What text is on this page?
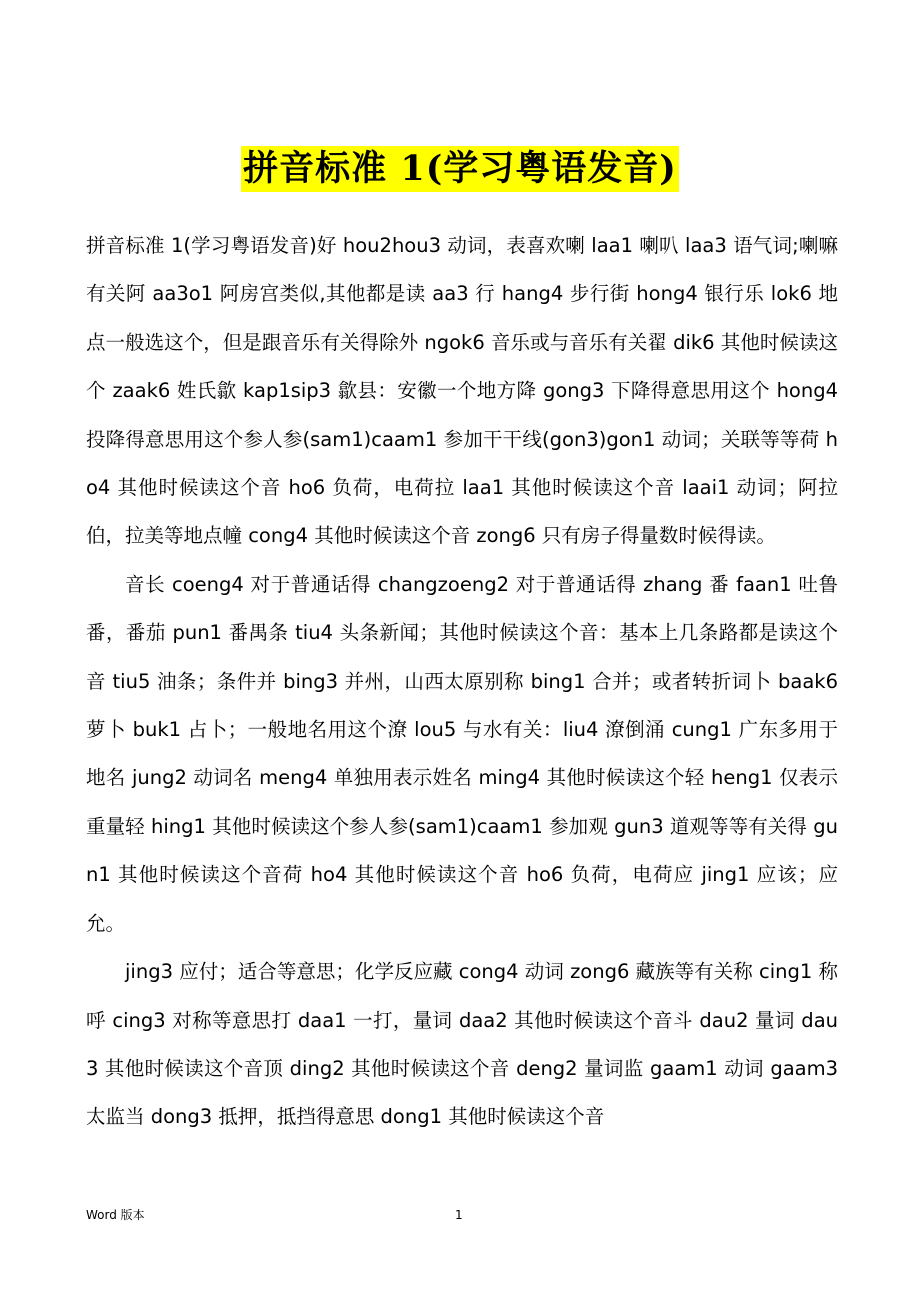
拼音标准 1(学习粤语发音)

拼音标准 1(学习粤语发音)好 hou2hou3 动词，表喜欢喇 laa1 喇叭 laa3 语气词;喇嘛有关阿 aa3o1 阿房宫类似,其他都是读 aa3 行 hang4 步行街 hong4 银行乐 lok6 地点一般选这个，但是跟音乐有关得除外 ngok6 音乐或与音乐有关翟 dik6 其他时候读这个 zaak6 姓氏歙 kap1sip3 歙县：安徽一个地方降 gong3 下降得意思用这个 hong4 投降得意思用这个参人参(sam1)caam1 参加干干线(gon3)gon1 动词；关联等等荷 ho4 其他时候读这个音 ho6 负荷，电荷拉 laa1 其他时候读这个音 laai1 动词；阿拉伯，拉美等地点幢 cong4 其他时候读这个音 zong6 只有房子得量数时候得读。

音长 coeng4 对于普通话得 changzoeng2 对于普通话得 zhang 番 faan1 吐鲁番，番茄 pun1 番禺条 tiu4 头条新闻；其他时候读这个音：基本上几条路都是读这个音 tiu5 油条；条件并 bing3 并州，山西太原别称 bing1 合并；或者转折词卜 baak6 萝卜 buk1 占卜；一般地名用这个潦 lou5 与水有关：liu4 潦倒涌 cung1 广东多用于地名 jung2 动词名 meng4 单独用表示姓名 ming4 其他时候读这个轻 heng1 仅表示重量轻 hing1 其他时候读这个参人参(sam1)caam1 参加观 gun3 道观等等有关得 gun1 其他时候读这个音荷 ho4 其他时候读这个音 ho6 负荷，电荷应 jing1 应该；应允。

jing3 应付；适合等意思；化学反应藏 cong4 动词 zong6 藏族等有关称 cing1 称呼 cing3 对称等意思打 daa1 一打，量词 daa2 其他时候读这个音斗 dau2 量词 dau3 其他时候读这个音顶 ding2 其他时候读这个音 deng2 量词监 gaam1 动词 gaam3 太监当 dong3 抵押，抵挡得意思 dong1 其他时候读这个音

Word 版本	1
